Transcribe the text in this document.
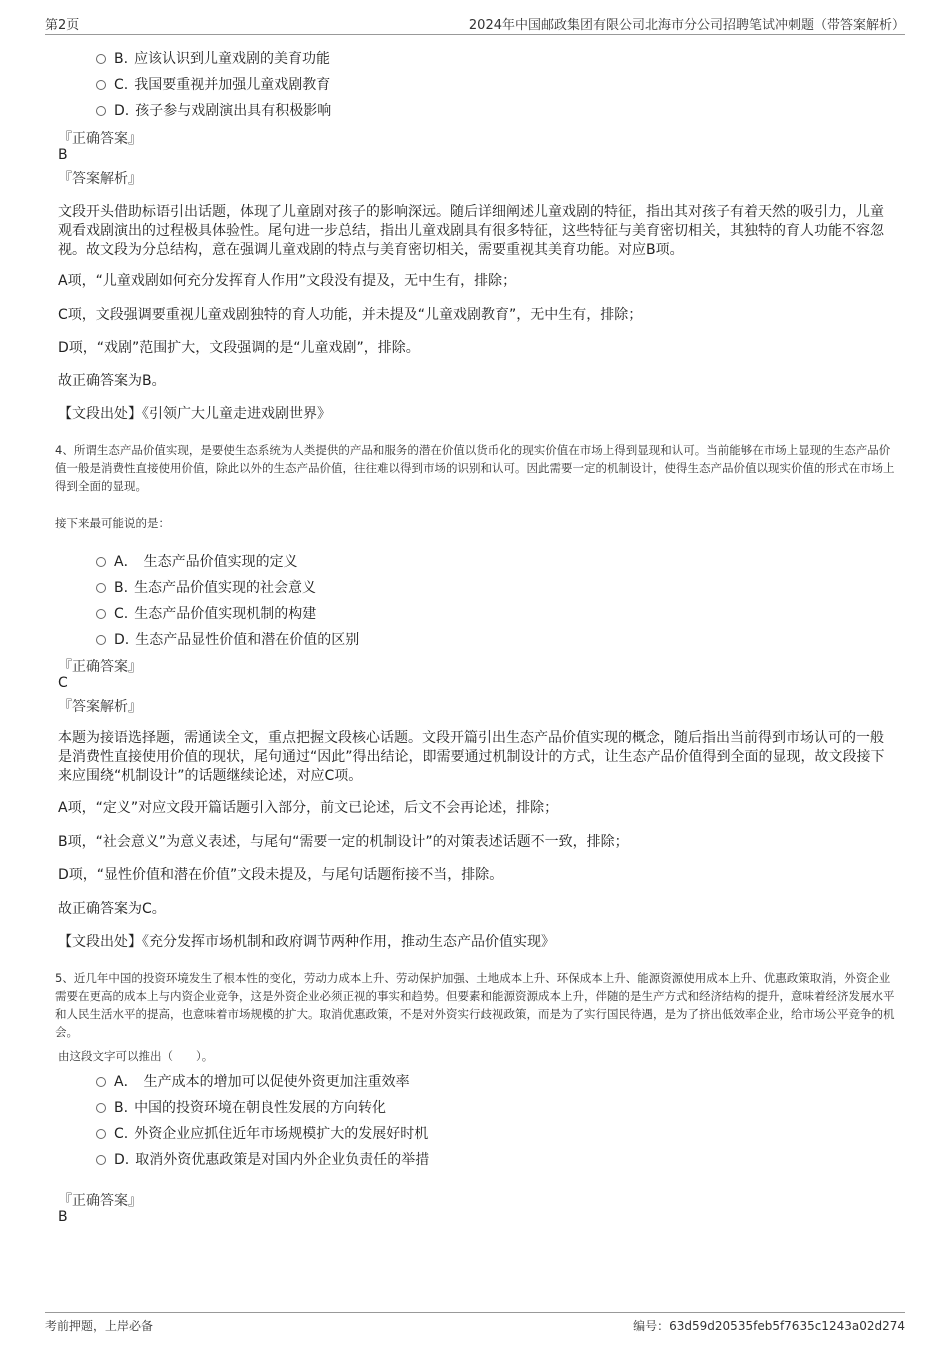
第2页	2024年中国邮政集团有限公司北海市分公司招聘笔试冲刺题（带答案解析）
B. 应该认识到儿童戏剧的美育功能
C. 我国要重视并加强儿童戏剧教育
D. 孩子参与戏剧演出具有积极影响
『正确答案』
B
『答案解析』
文段开头借助标语引出话题，体现了儿童剧对孩子的影响深远。随后详细阐述儿童戏剧的特征，指出其对孩子有着天然的吸引力，儿童观看戏剧演出的过程极具体验性。尾句进一步总结，指出儿童戏剧具有很多特征，这些特征与美育密切相关，其独特的育人功能不容忽视。故文段为分总结构，意在强调儿童戏剧的特点与美育密切相关，需要重视其美育功能。对应B项。
A项，“儿童戏剧如何充分发挥育人作用”文段没有提及，无中生有，排除；
C项，文段强调要重视儿童戏剧独特的育人功能，并未提及“儿童戏剧教育”，无中生有，排除；
D项，“戏剧”范围扩大，文段强调的是“儿童戏剧”，排除。
故正确答案为B。
【文段出处】《引领广大儿童走进戏剧世界》
4、所谓生态产品价值实现，是要使生态系统为人类提供的产品和服务的潜在价值以货币化的现实价值在市场上得到显现和认可。当前能够在市场上显现的生态产品价值一般是消费性直接使用价值，除此以外的生态产品价值，往往难以得到市场的识别和认可。因此需要一定的机制设计，使得生态产品价值以现实价值的形式在市场上得到全面的显现。
接下来最可能说的是：
A． 生态产品价值实现的定义
B. 生态产品价值实现的社会意义
C. 生态产品价值实现机制的构建
D. 生态产品显性价值和潜在价值的区别
『正确答案』
C
『答案解析』
本题为接语选择题，需通读全文，重点把握文段核心话题。文段开篇引出生态产品价值实现的概念，随后指出当前得到市场认可的一般是消费性直接使用价值的现状，尾句通过“因此”得出结论，即需要通过机制设计的方式，让生态产品价值得到全面的显现，故文段接下来应围绕“机制设计”的话题继续论述，对应C项。
A项，“定义”对应文段开篇话题引入部分，前文已论述，后文不会再论述，排除；
B项，“社会意义”为意义表述，与尾句“需要一定的机制设计”的对策表述话题不一致，排除；
D项，“显性价值和潜在价值”文段未提及，与尾句话题衔接不当，排除。
故正确答案为C。
【文段出处】《充分发挥市场机制和政府调节两种作用，推动生态产品价值实现》
5、近几年中国的投资环境发生了根本性的变化，劳动力成本上升、劳动保护加强、土地成本上升、环保成本上升、能源资源使用成本上升、优惠政策取消，外资企业需要在更高的成本上与内资企业竞争，这是外资企业必须正视的事实和趋势。但要素和能源资源成本上升，伴随的是生产方式和经济结构的提升，意味着经济发展水平和人民生活水平的提高，也意味着市场规模的扩大。取消优惠政策，不是对外资实行歧视政策，而是为了实行国民待遇，是为了挤出低效率企业，给市场公平竞争的机会。
由这段文字可以推出（　　）。
A． 生产成本的增加可以促使外资更加注重效率
B. 中国的投资环境在朝良性发展的方向转化
C. 外资企业应抓住近年市场规模扩大的发展好时机
D. 取消外资优惠政策是对国内外企业负责任的举措
『正确答案』
B
考前押题，上岸必备	编号：63d59d20535feb5f7635c1243a02d274
